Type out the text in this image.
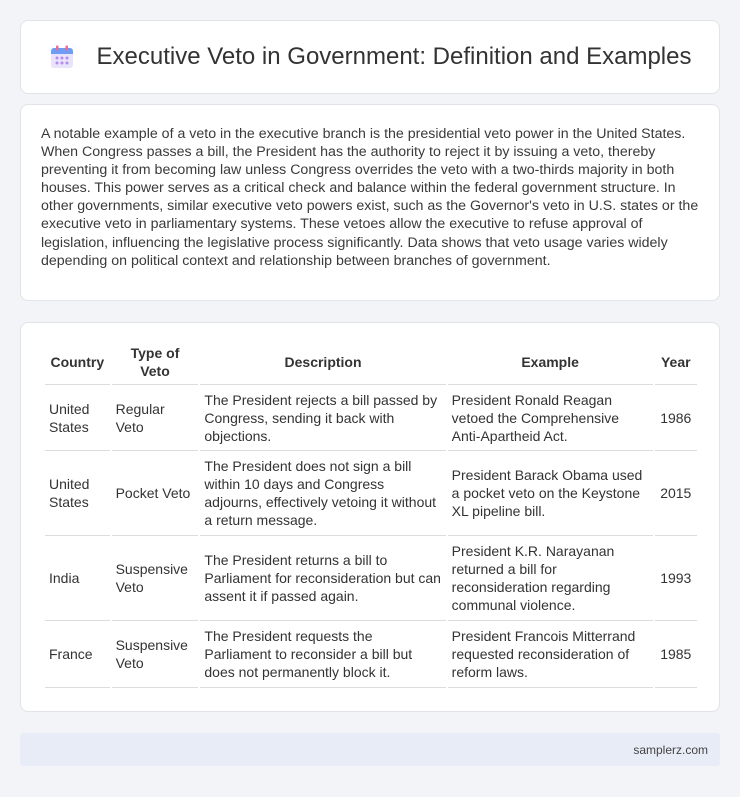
Executive Veto in Government: Definition and Examples

A notable example of a veto in the executive branch is the presidential veto power in the United States. When Congress passes a bill, the President has the authority to reject it by issuing a veto, thereby preventing it from becoming law unless Congress overrides the veto with a two-thirds majority in both houses. This power serves as a critical check and balance within the federal government structure. In other governments, similar executive veto powers exist, such as the Governor's veto in U.S. states or the executive veto in parliamentary systems. These vetoes allow the executive to refuse approval of legislation, influencing the legislative process significantly. Data shows that veto usage varies widely depending on political context and relationship between branches of government.

Country	Type of Veto	Description	Example	Year
United States	Regular Veto	The President rejects a bill passed by Congress, sending it back with objections.	President Ronald Reagan vetoed the Comprehensive Anti-Apartheid Act.	1986
United States	Pocket Veto	The President does not sign a bill within 10 days and Congress adjourns, effectively vetoing it without a return message.	President Barack Obama used a pocket veto on the Keystone XL pipeline bill.	2015
India	Suspensive Veto	The President returns a bill to Parliament for reconsideration but can assent it if passed again.	President K.R. Narayanan returned a bill for reconsideration regarding communal violence.	1993
France	Suspensive Veto	The President requests the Parliament to reconsider a bill but does not permanently block it.	President Francois Mitterrand requested reconsideration of reform laws.	1985
samplerz.com
